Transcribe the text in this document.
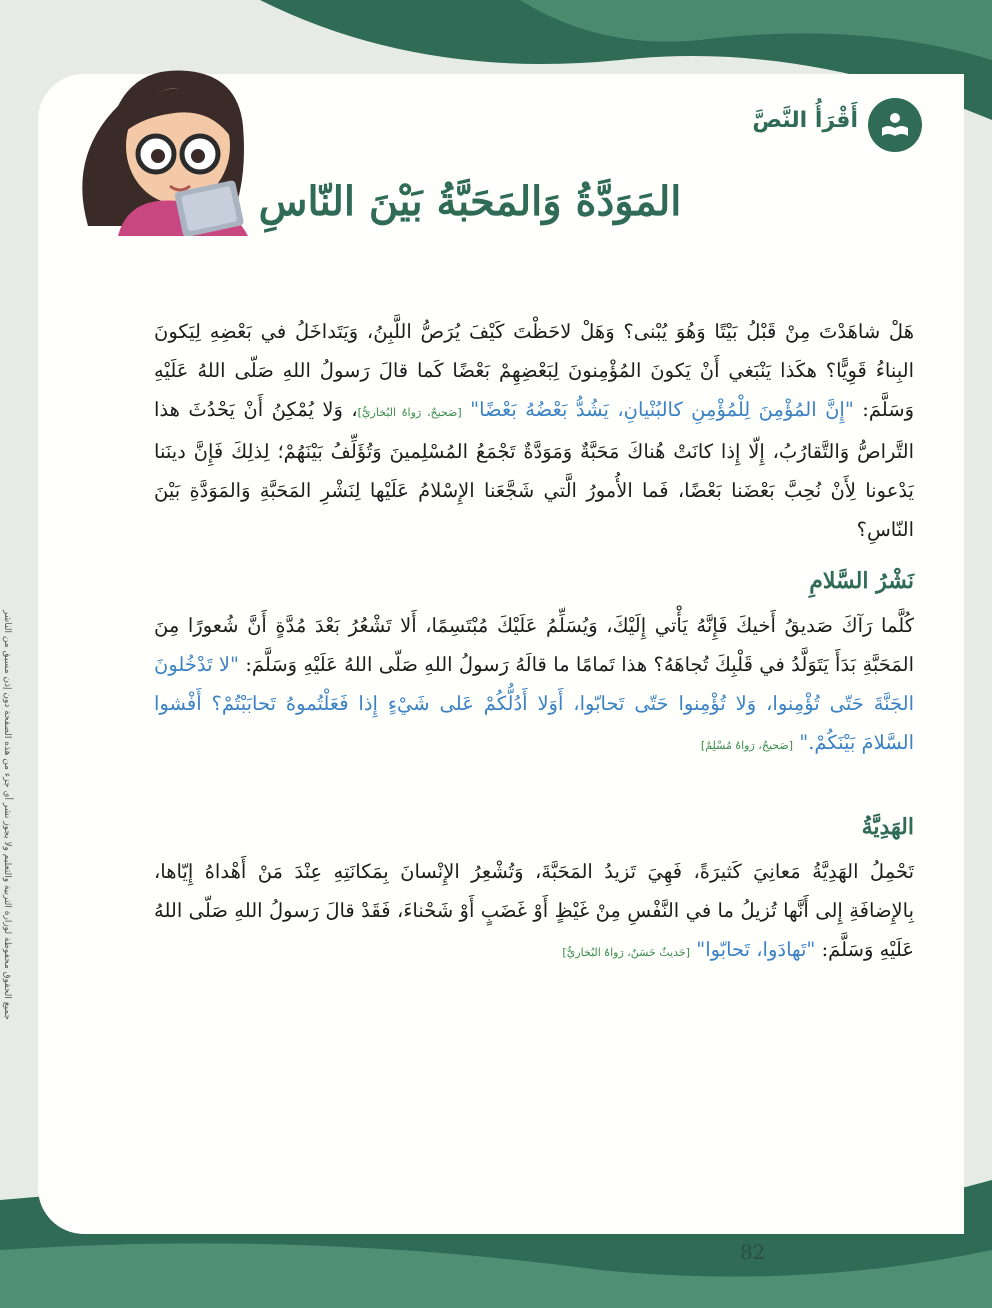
جميع الحقوق محفوظة لوزارة التربية والتعليم ولا يجوز نشر أي جزء من هذه الصفحة دون إذن مسبق من الناشر
أَقْرَأُ النَّصَّ
المَوَدَّةُ وَالمَحَبَّةُ بَيْنَ النّاسِ
هَلْ شاهَدْتَ مِنْ قَبْلُ بَيْتًا وَهُوَ يُبْنى؟ وَهَلْ لاحَظْتَ كَيْفَ يُرَصُّ اللَّبِنُ، وَيَتَداخَلُ في بَعْضِهِ لِيَكونَ البِناءُ قَوِيًّا؟ هكَذا يَنْبَغي أَنْ يَكونَ المُؤْمِنونَ لِبَعْضِهِمْ بَعْضًا كَما قالَ رَسولُ اللهِ صَلّى اللهُ عَلَيْهِ وَسَلَّمَ: "إِنَّ المُؤْمِنَ لِلْمُؤْمِنِ كالبُنْيانِ، يَشُدُّ بَعْضُهُ بَعْضًا" [صَحيحٌ، رَواهُ البُخاريُّ]، وَلا يُمْكِنُ أَنْ يَحْدُثَ هذا التَّراصُّ وَالتَّقارُبُ، إِلّا إِذا كانَتْ هُناكَ مَحَبَّةٌ وَمَوَدَّةٌ تَجْمَعُ المُسْلِمينَ وَتُؤَلِّفُ بَيْنَهُمْ؛ لِذلِكَ فَإِنَّ دينَنا يَدْعونا لِأَنْ نُحِبَّ بَعْضَنا بَعْضًا، فَما الأُمورُ الَّتي شَجَّعَنا الإِسْلامُ عَلَيْها لِنَشْرِ المَحَبَّةِ وَالمَوَدَّةِ بَيْنَ النّاسِ؟
نَشْرُ السَّلامِ
كُلَّما رَآكَ صَديقُ أَخيكَ فَإِنَّهُ يَأْتي إِلَيْكَ، وَيُسَلِّمُ عَلَيْكَ مُبْتَسِمًا، أَلا تَشْعُرُ بَعْدَ مُدَّةٍ أَنَّ شُعورًا مِنَ المَحَبَّةِ بَدَأَ يَتَوَلَّدُ في قَلْبِكَ تُجاهَهُ؟ هذا تَمامًا ما قالَهُ رَسولُ اللهِ صَلّى اللهُ عَلَيْهِ وَسَلَّمَ: "لا تَدْخُلونَ الجَنَّةَ حَتّى تُؤْمِنوا، وَلا تُؤْمِنوا حَتّى تَحابّوا، أَوَلا أَدُلُّكُمْ عَلى شَيْءٍ إِذا فَعَلْتُموهُ تَحابَبْتُمْ؟ أَفْشوا السَّلامَ بَيْنَكُمْ." [صَحيحٌ، رَواهُ مُسْلِمٌ]
الهَدِيَّةُ
تَحْمِلُ الهَدِيَّةُ مَعانِيَ كَثيرَةً، فَهِيَ تَزيدُ المَحَبَّةَ، وَتُشْعِرُ الإِنْسانَ بِمَكانَتِهِ عِنْدَ مَنْ أَهْداهُ إِيّاها، بِالإِضافَةِ إِلى أَنَّها تُزيلُ ما في النَّفْسِ مِنْ غَيْظٍ أَوْ غَضَبٍ أَوْ شَحْناءَ، فَقَدْ قالَ رَسولُ اللهِ صَلّى اللهُ عَلَيْهِ وَسَلَّمَ: "تَهادَوا، تَحابّوا" [حَديثٌ حَسَنٌ، رَواهُ البُخاريُّ]
82
